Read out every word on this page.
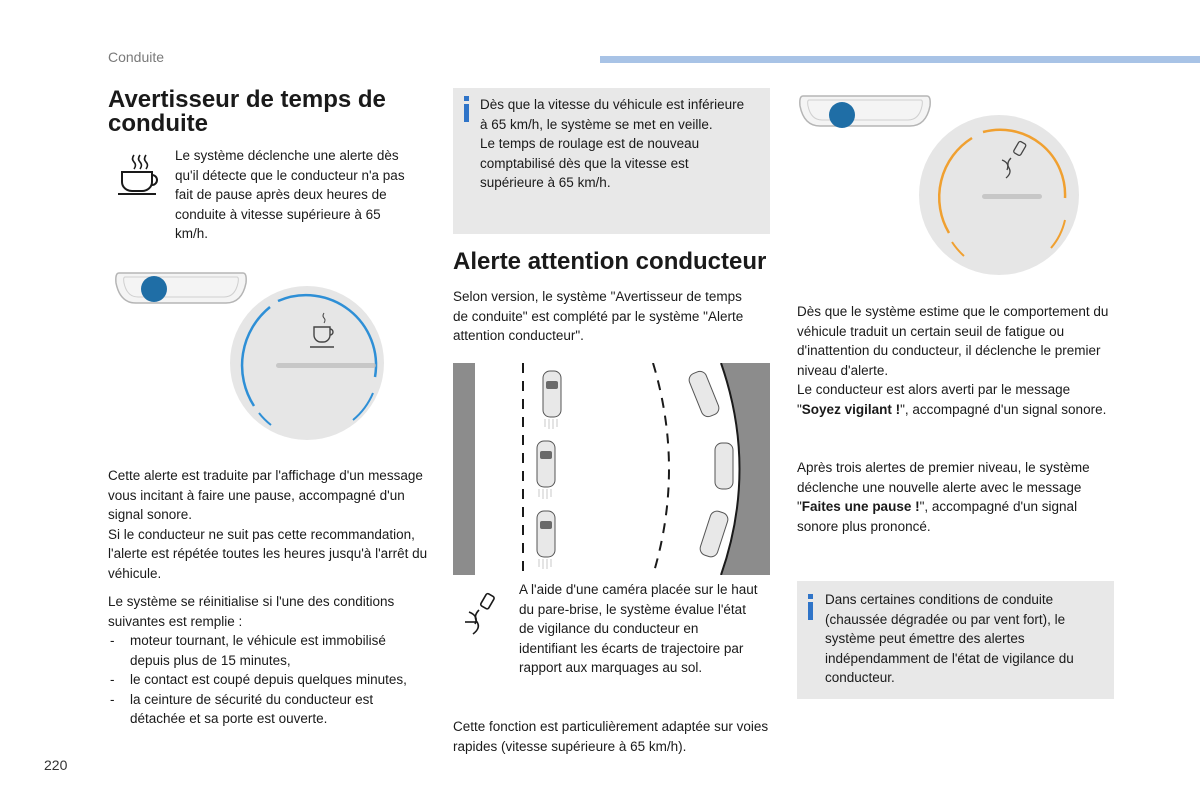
Conduite
Avertisseur de temps de conduite
Le système déclenche une alerte dès qu'il détecte que le conducteur n'a pas fait de pause après deux heures de conduite à vitesse supérieure à 65 km/h.

Cette alerte est traduite par l'affichage d'un message vous incitant à faire une pause, accompagné d'un signal sonore.

Si le conducteur ne suit pas cette recommandation, l'alerte est répétée toutes les heures jusqu'à l'arrêt du véhicule.

Le système se réinitialise si l'une des conditions suivantes est remplie :

- moteur tournant, le véhicule est immobilisé depuis plus de 15 minutes,
- le contact est coupé depuis quelques minutes,
- la ceinture de sécurité du conducteur est détachée et sa porte est ouverte.

Dès que la vitesse du véhicule est inférieure à 65 km/h, le système se met en veille.

Le temps de roulage est de nouveau comptabilisé dès que la vitesse est supérieure à 65 km/h.

Alerte attention conducteur
Selon version, le système "Avertisseur de temps de conduite" est complété par le système "Alerte attention conducteur".
A l'aide d'une caméra placée sur le haut du pare-brise, le système évalue l'état de vigilance du conducteur en identifiant les écarts de trajectoire par rapport aux marquages au sol.
Cette fonction est particulièrement adaptée sur voies rapides (vitesse supérieure à 65 km/h).

Dès que le système estime que le comportement du véhicule traduit un certain seuil de fatigue ou d'inattention du conducteur, il déclenche le premier niveau d'alerte.

Le conducteur est alors averti par le message "Soyez vigilant !", accompagné d'un signal sonore.

Après trois alertes de premier niveau, le système déclenche une nouvelle alerte avec le message "Faites une pause !", accompagné d'un signal sonore plus prononcé.

Dans certaines conditions de conduite (chaussée dégradée ou par vent fort), le système peut émettre des alertes indépendamment de l'état de vigilance du conducteur.
220
